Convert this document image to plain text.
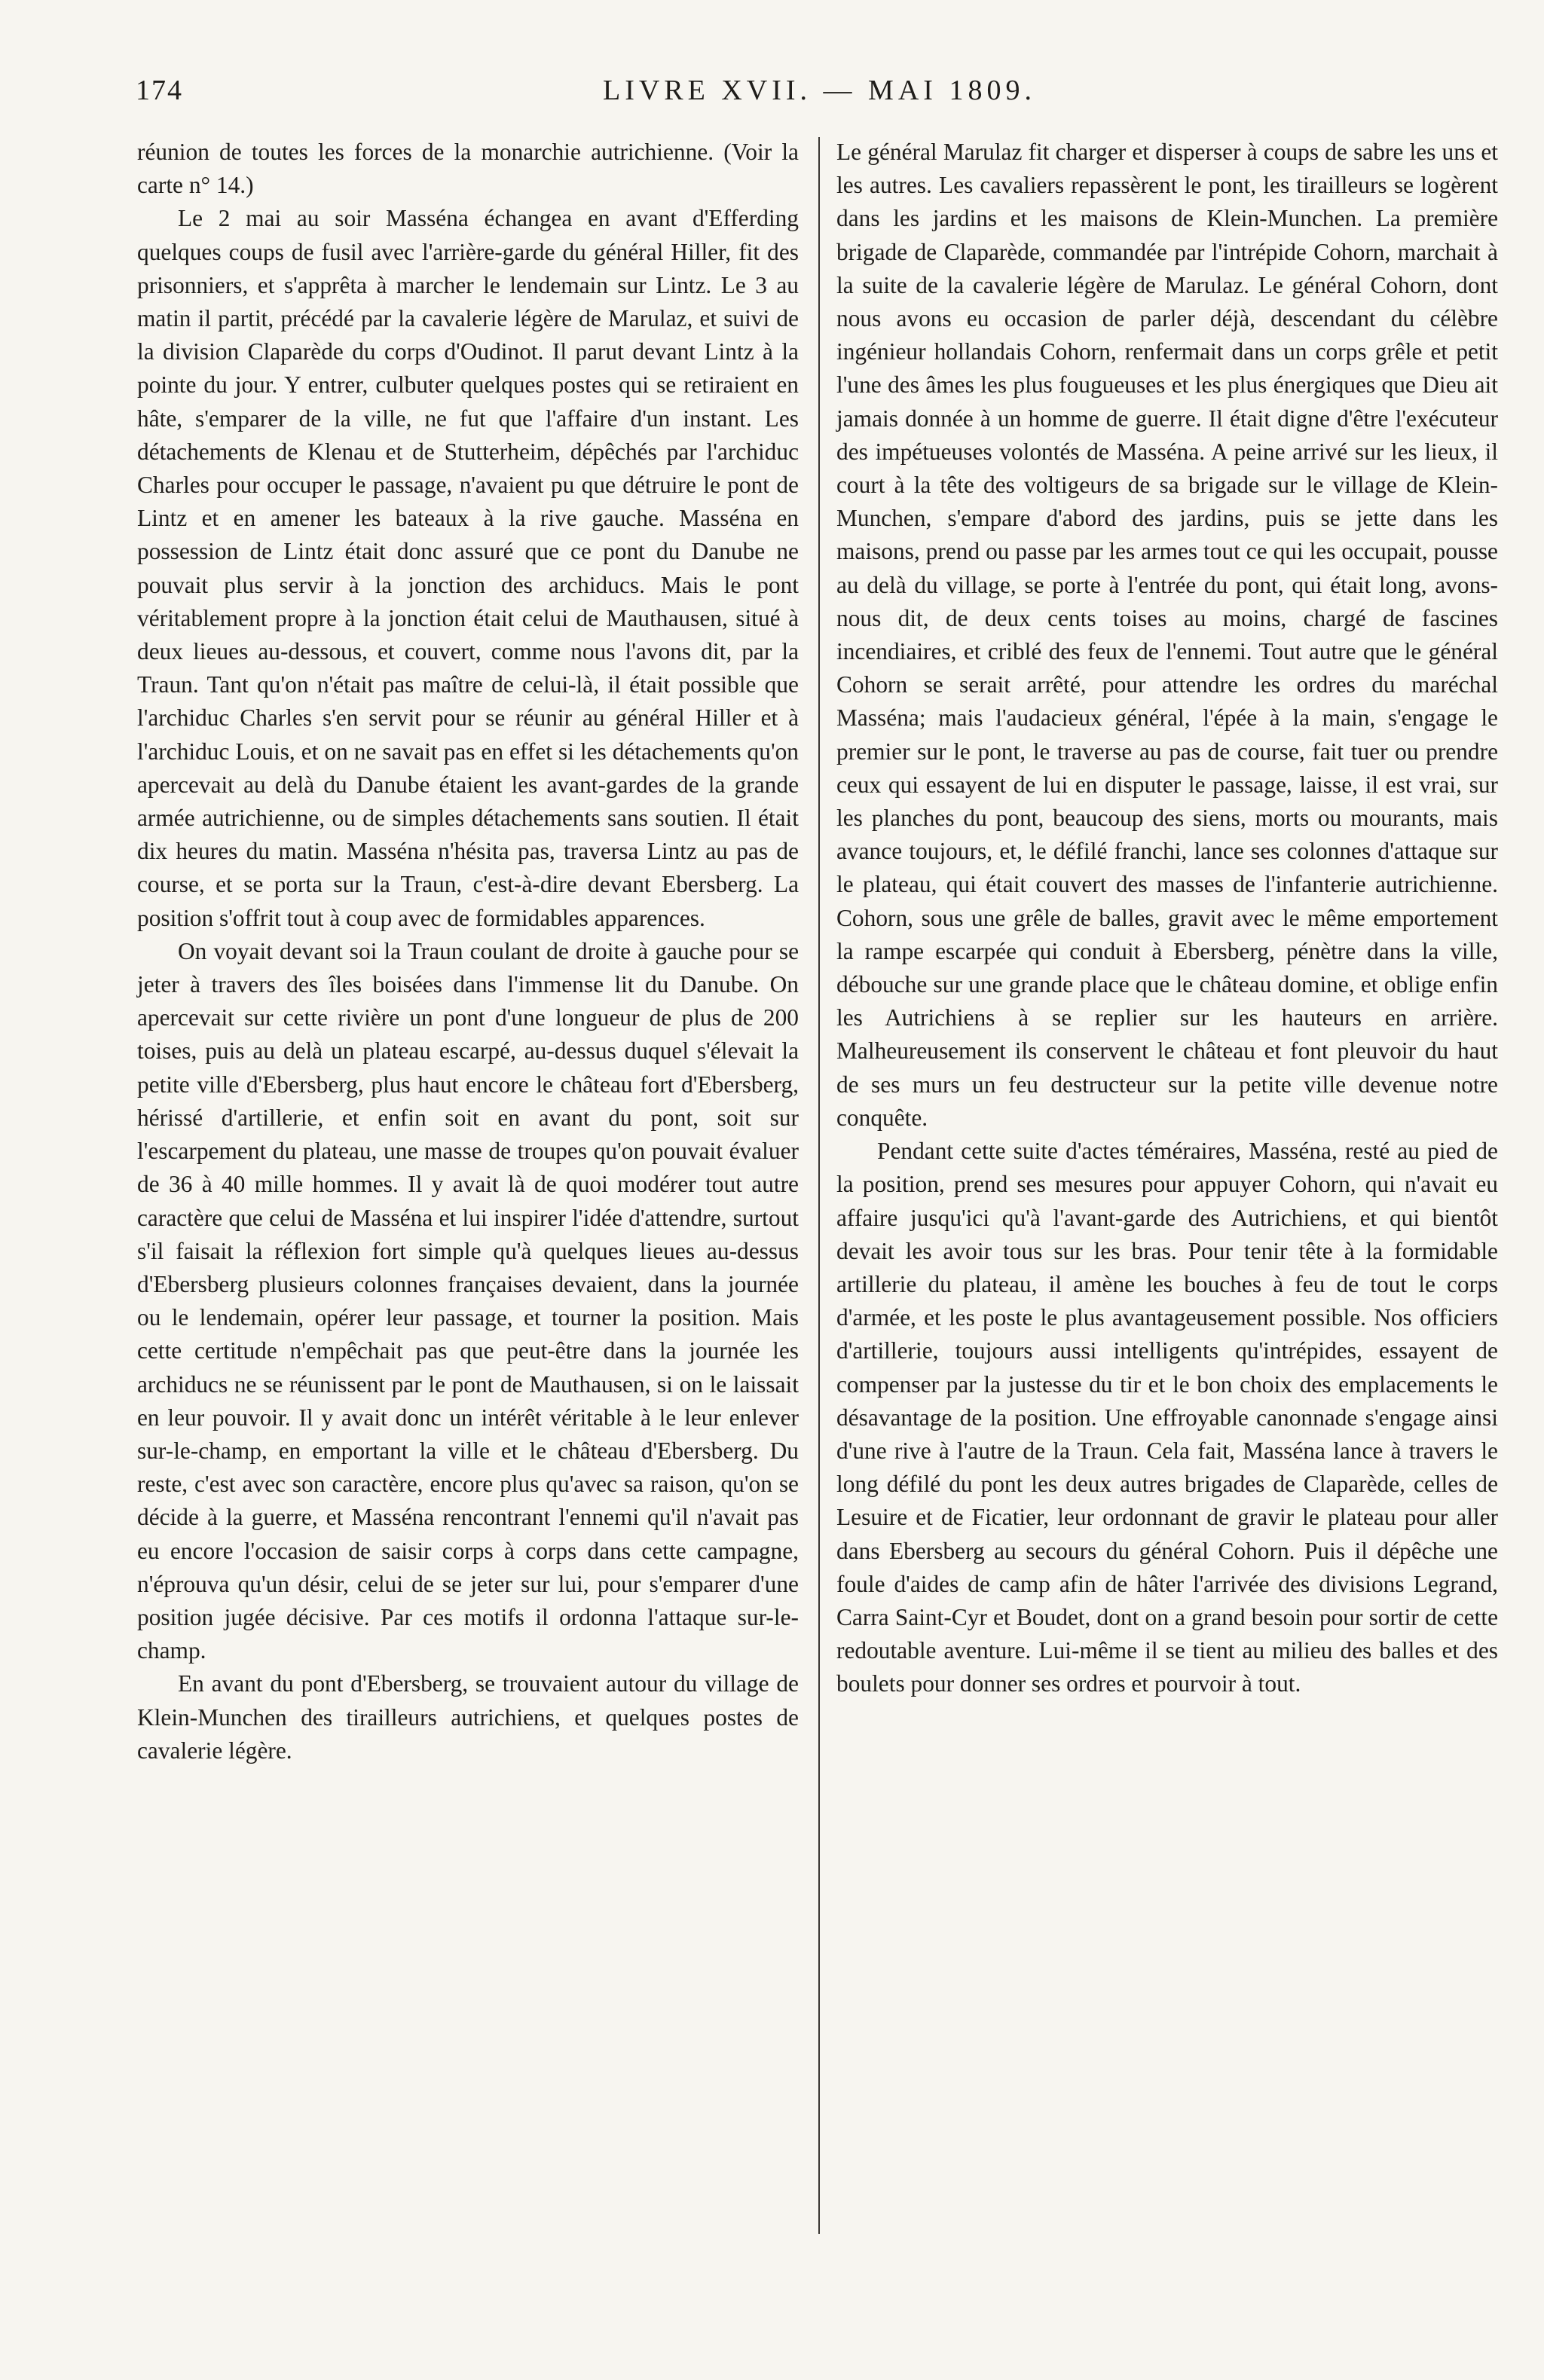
174	LIVRE XVII. — MAI 1809.

réunion de toutes les forces de la monarchie autrichienne. (Voir la carte n° 14.)

Le 2 mai au soir Masséna échangea en avant d'Efferding quelques coups de fusil avec l'arrière-garde du général Hiller, fit des prisonniers, et s'apprêta à marcher le lendemain sur Lintz. Le 3 au matin il partit, précédé par la cavalerie légère de Marulaz, et suivi de la division Claparède du corps d'Oudinot. Il parut devant Lintz à la pointe du jour. Y entrer, culbuter quelques postes qui se retiraient en hâte, s'emparer de la ville, ne fut que l'affaire d'un instant. Les détachements de Klenau et de Stutterheim, dépêchés par l'archiduc Charles pour occuper le passage, n'avaient pu que détruire le pont de Lintz et en amener les bateaux à la rive gauche. Masséna en possession de Lintz était donc assuré que ce pont du Danube ne pouvait plus servir à la jonction des archiducs. Mais le pont véritablement propre à la jonction était celui de Mauthausen, situé à deux lieues au-dessous, et couvert, comme nous l'avons dit, par la Traun. Tant qu'on n'était pas maître de celui-là, il était possible que l'archiduc Charles s'en servit pour se réunir au général Hiller et à l'archiduc Louis, et on ne savait pas en effet si les détachements qu'on apercevait au delà du Danube étaient les avant-gardes de la grande armée autrichienne, ou de simples détachements sans soutien. Il était dix heures du matin. Masséna n'hésita pas, traversa Lintz au pas de course, et se porta sur la Traun, c'est-à-dire devant Ebersberg. La position s'offrit tout à coup avec de formidables apparences.

On voyait devant soi la Traun coulant de droite à gauche pour se jeter à travers des îles boisées dans l'immense lit du Danube. On apercevait sur cette rivière un pont d'une longueur de plus de 200 toises, puis au delà un plateau escarpé, au-dessus duquel s'élevait la petite ville d'Ebersberg, plus haut encore le château fort d'Ebersberg, hérissé d'artillerie, et enfin soit en avant du pont, soit sur l'escarpement du plateau, une masse de troupes qu'on pouvait évaluer de 36 à 40 mille hommes. Il y avait là de quoi modérer tout autre caractère que celui de Masséna et lui inspirer l'idée d'attendre, surtout s'il faisait la réflexion fort simple qu'à quelques lieues au-dessus d'Ebersberg plusieurs colonnes françaises devaient, dans la journée ou le lendemain, opérer leur passage, et tourner la position. Mais cette certitude n'empêchait pas que peut-être dans la journée les archiducs ne se réunissent par le pont de Mauthausen, si on le laissait en leur pouvoir. Il y avait donc un intérêt véritable à le leur enlever sur-le-champ, en emportant la ville et le château d'Ebersberg. Du reste, c'est avec son caractère, encore plus qu'avec sa raison, qu'on se décide à la guerre, et Masséna rencontrant l'ennemi qu'il n'avait pas eu encore l'occasion de saisir corps à corps dans cette campagne, n'éprouva qu'un désir, celui de se jeter sur lui, pour s'emparer d'une position jugée décisive. Par ces motifs il ordonna l'attaque sur-le-champ.

En avant du pont d'Ebersberg, se trouvaient autour du village de Klein-Munchen des tirailleurs autrichiens, et quelques postes de cavalerie légère.

Le général Marulaz fit charger et disperser à coups de sabre les uns et les autres. Les cavaliers repassèrent le pont, les tirailleurs se logèrent dans les jardins et les maisons de Klein-Munchen. La première brigade de Claparède, commandée par l'intrépide Cohorn, marchait à la suite de la cavalerie légère de Marulaz. Le général Cohorn, dont nous avons eu occasion de parler déjà, descendant du célèbre ingénieur hollandais Cohorn, renfermait dans un corps grêle et petit l'une des âmes les plus fougueuses et les plus énergiques que Dieu ait jamais donnée à un homme de guerre. Il était digne d'être l'exécuteur des impétueuses volontés de Masséna. A peine arrivé sur les lieux, il court à la tête des voltigeurs de sa brigade sur le village de Klein-Munchen, s'empare d'abord des jardins, puis se jette dans les maisons, prend ou passe par les armes tout ce qui les occupait, pousse au delà du village, se porte à l'entrée du pont, qui était long, avons-nous dit, de deux cents toises au moins, chargé de fascines incendiaires, et criblé des feux de l'ennemi. Tout autre que le général Cohorn se serait arrêté, pour attendre les ordres du maréchal Masséna; mais l'audacieux général, l'épée à la main, s'engage le premier sur le pont, le traverse au pas de course, fait tuer ou prendre ceux qui essayent de lui en disputer le passage, laisse, il est vrai, sur les planches du pont, beaucoup des siens, morts ou mourants, mais avance toujours, et, le défilé franchi, lance ses colonnes d'attaque sur le plateau, qui était couvert des masses de l'infanterie autrichienne. Cohorn, sous une grêle de balles, gravit avec le même emportement la rampe escarpée qui conduit à Ebersberg, pénètre dans la ville, débouche sur une grande place que le château domine, et oblige enfin les Autrichiens à se replier sur les hauteurs en arrière. Malheureusement ils conservent le château et font pleuvoir du haut de ses murs un feu destructeur sur la petite ville devenue notre conquête.

Pendant cette suite d'actes téméraires, Masséna, resté au pied de la position, prend ses mesures pour appuyer Cohorn, qui n'avait eu affaire jusqu'ici qu'à l'avant-garde des Autrichiens, et qui bientôt devait les avoir tous sur les bras. Pour tenir tête à la formidable artillerie du plateau, il amène les bouches à feu de tout le corps d'armée, et les poste le plus avantageusement possible. Nos officiers d'artillerie, toujours aussi intelligents qu'intrépides, essayent de compenser par la justesse du tir et le bon choix des emplacements le désavantage de la position. Une effroyable canonnade s'engage ainsi d'une rive à l'autre de la Traun. Cela fait, Masséna lance à travers le long défilé du pont les deux autres brigades de Claparède, celles de Lesuire et de Ficatier, leur ordonnant de gravir le plateau pour aller dans Ebersberg au secours du général Cohorn. Puis il dépêche une foule d'aides de camp afin de hâter l'arrivée des divisions Legrand, Carra Saint-Cyr et Boudet, dont on a grand besoin pour sortir de cette redoutable aventure. Lui-même il se tient au milieu des balles et des boulets pour donner ses ordres et pourvoir à tout.
